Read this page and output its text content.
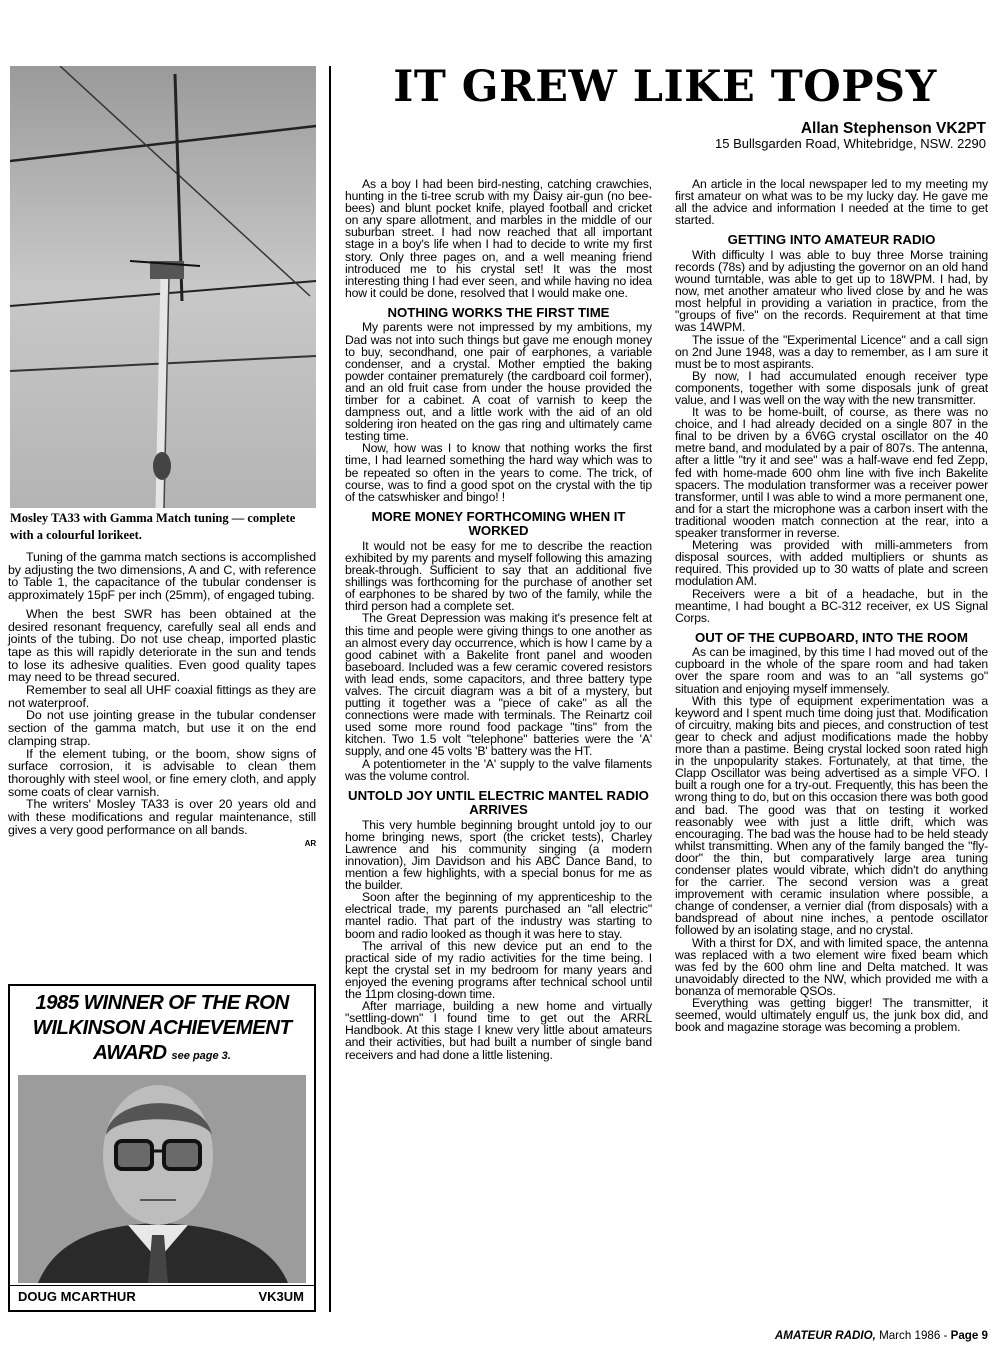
Mosley TA33 with Gamma Match tuning — complete with a colourful lorikeet.

Tuning of the gamma match sections is accomplished by adjusting the two dimensions, A and C, with reference to Table 1, the capacitance of the tubular condenser is approximately 15pF per inch (25mm), of engaged tubing.

When the best SWR has been obtained at the desired resonant frequency, carefully seal all ends and joints of the tubing. Do not use cheap, imported plastic tape as this will rapidly deteriorate in the sun and tends to lose its adhesive qualities. Even good quality tapes may need to be thread secured.

Remember to seal all UHF coaxial fittings as they are not waterproof.

Do not use jointing grease in the tubular condenser section of the gamma match, but use it on the end clamping strap.

If the element tubing, or the boom, show signs of surface corrosion, it is advisable to clean them thoroughly with steel wool, or fine emery cloth, and apply some coats of clear varnish.

The writers' Mosley TA33 is over 20 years old and with these modifications and regular maintenance, still gives a very good performance on all bands.

AR

1985 WINNER OF THE RON WILKINSON ACHIEVEMENT AWARD see page 3.
DOUG MCARTHUR	VK3UM
IT GREW LIKE TOPSY
Allan Stephenson VK2PT
15 Bullsgarden Road, Whitebridge, NSW. 2290

As a boy I had been bird-nesting, catching crawchies, hunting in the ti-tree scrub with my Daisy air-gun (no bee-bees) and blunt pocket knife, played football and cricket on any spare allotment, and marbles in the middle of our suburban street. I had now reached that all important stage in a boy's life when I had to decide to write my first story. Only three pages on, and a well meaning friend introduced me to his crystal set! It was the most interesting thing I had ever seen, and while having no idea how it could be done, resolved that I would make one.

NOTHING WORKS THE FIRST TIME

My parents were not impressed by my ambitions, my Dad was not into such things but gave me enough money to buy, secondhand, one pair of earphones, a variable condenser, and a crystal. Mother emptied the baking powder container prematurely (the cardboard coil former), and an old fruit case from under the house provided the timber for a cabinet. A coat of varnish to keep the dampness out, and a little work with the aid of an old soldering iron heated on the gas ring and ultimately came testing time.

Now, how was I to know that nothing works the first time, I had learned something the hard way which was to be repeated so often in the years to come. The trick, of course, was to find a good spot on the crystal with the tip of the catswhisker and bingo! !

MORE MONEY FORTHCOMING WHEN IT WORKED

It would not be easy for me to describe the reaction exhibited by my parents and myself following this amazing break-through. Sufficient to say that an additional five shillings was forthcoming for the purchase of another set of earphones to be shared by two of the family, while the third person had a complete set.

The Great Depression was making it's presence felt at this time and people were giving things to one another as an almost every day occurrence, which is how I came by a good cabinet with a Bakelite front panel and wooden baseboard. Included was a few ceramic covered resistors with lead ends, some capacitors, and three battery type valves. The circuit diagram was a bit of a mystery, but putting it together was a "piece of cake" as all the connections were made with terminals. The Reinartz coil used some more round food package "tins" from the kitchen. Two 1.5 volt "telephone" batteries were the 'A' supply, and one 45 volts 'B' battery was the HT.

A potentiometer in the 'A' supply to the valve filaments was the volume control.

UNTOLD JOY UNTIL ELECTRIC MANTEL RADIO ARRIVES

This very humble beginning brought untold joy to our home bringing news, sport (the cricket tests), Charley Lawrence and his community singing (a modern innovation), Jim Davidson and his ABC Dance Band, to mention a few highlights, with a special bonus for me as the builder.

Soon after the beginning of my apprenticeship to the electrical trade, my parents purchased an "all electric" mantel radio. That part of the industry was starting to boom and radio looked as though it was here to stay.

The arrival of this new device put an end to the practical side of my radio activities for the time being. I kept the crystal set in my bedroom for many years and enjoyed the evening programs after technical school until the 11pm closing-down time.

After marriage, building a new home and virtually "settling-down" I found time to get out the ARRL Handbook. At this stage I knew very little about amateurs and their activities, but had built a number of single band receivers and had done a little listening.

An article in the local newspaper led to my meeting my first amateur on what was to be my lucky day. He gave me all the advice and information I needed at the time to get started.

GETTING INTO AMATEUR RADIO

With difficulty I was able to buy three Morse training records (78s) and by adjusting the governor on an old hand wound turntable, was able to get up to 18WPM. I had, by now, met another amateur who lived close by and he was most helpful in providing a variation in practice, from the "groups of five" on the records. Requirement at that time was 14WPM.

The issue of the "Experimental Licence" and a call sign on 2nd June 1948, was a day to remember, as I am sure it must be to most aspirants.

By now, I had accumulated enough receiver type components, together with some disposals junk of great value, and I was well on the way with the new transmitter.

It was to be home-built, of course, as there was no choice, and I had already decided on a single 807 in the final to be driven by a 6V6G crystal oscillator on the 40 metre band, and modulated by a pair of 807s. The antenna, after a little "try it and see" was a half-wave end fed Zepp, fed with home-made 600 ohm line with five inch Bakelite spacers. The modulation transformer was a receiver power transformer, until I was able to wind a more permanent one, and for a start the microphone was a carbon insert with the traditional wooden match connection at the rear, into a speaker transformer in reverse.

Metering was provided with milli-ammeters from disposal sources, with added multipliers or shunts as required. This provided up to 30 watts of plate and screen modulation AM.

Receivers were a bit of a headache, but in the meantime, I had bought a BC-312 receiver, ex US Signal Corps.

OUT OF THE CUPBOARD, INTO THE ROOM

As can be imagined, by this time I had moved out of the cupboard in the whole of the spare room and had taken over the spare room and was to an "all systems go" situation and enjoying myself immensely.

With this type of equipment experimentation was a keyword and I spent much time doing just that. Modification of circuitry, making bits and pieces, and construction of test gear to check and adjust modifications made the hobby more than a pastime. Being crystal locked soon rated high in the unpopularity stakes. Fortunately, at that time, the Clapp Oscillator was being advertised as a simple VFO. I built a rough one for a try-out. Frequently, this has been the wrong thing to do, but on this occasion there was both good and bad. The good was that on testing it worked reasonably wee with just a little drift, which was encouraging. The bad was the house had to be held steady whilst transmitting. When any of the family banged the "fly-door" the thin, but comparatively large area tuning condenser plates would vibrate, which didn't do anything for the carrier. The second version was a great improvement with ceramic insulation where possible, a change of condenser, a vernier dial (from disposals) with a bandspread of about nine inches, a pentode oscillator followed by an isolating stage, and no crystal.

With a thirst for DX, and with limited space, the antenna was replaced with a two element wire fixed beam which was fed by the 600 ohm line and Delta matched. It was unavoidably directed to the NW, which provided me with a bonanza of memorable QSOs.

Everything was getting bigger! The transmitter, it seemed, would ultimately engulf us, the junk box did, and book and magazine storage was becoming a problem.

AMATEUR RADIO, March 1986 - Page 9
